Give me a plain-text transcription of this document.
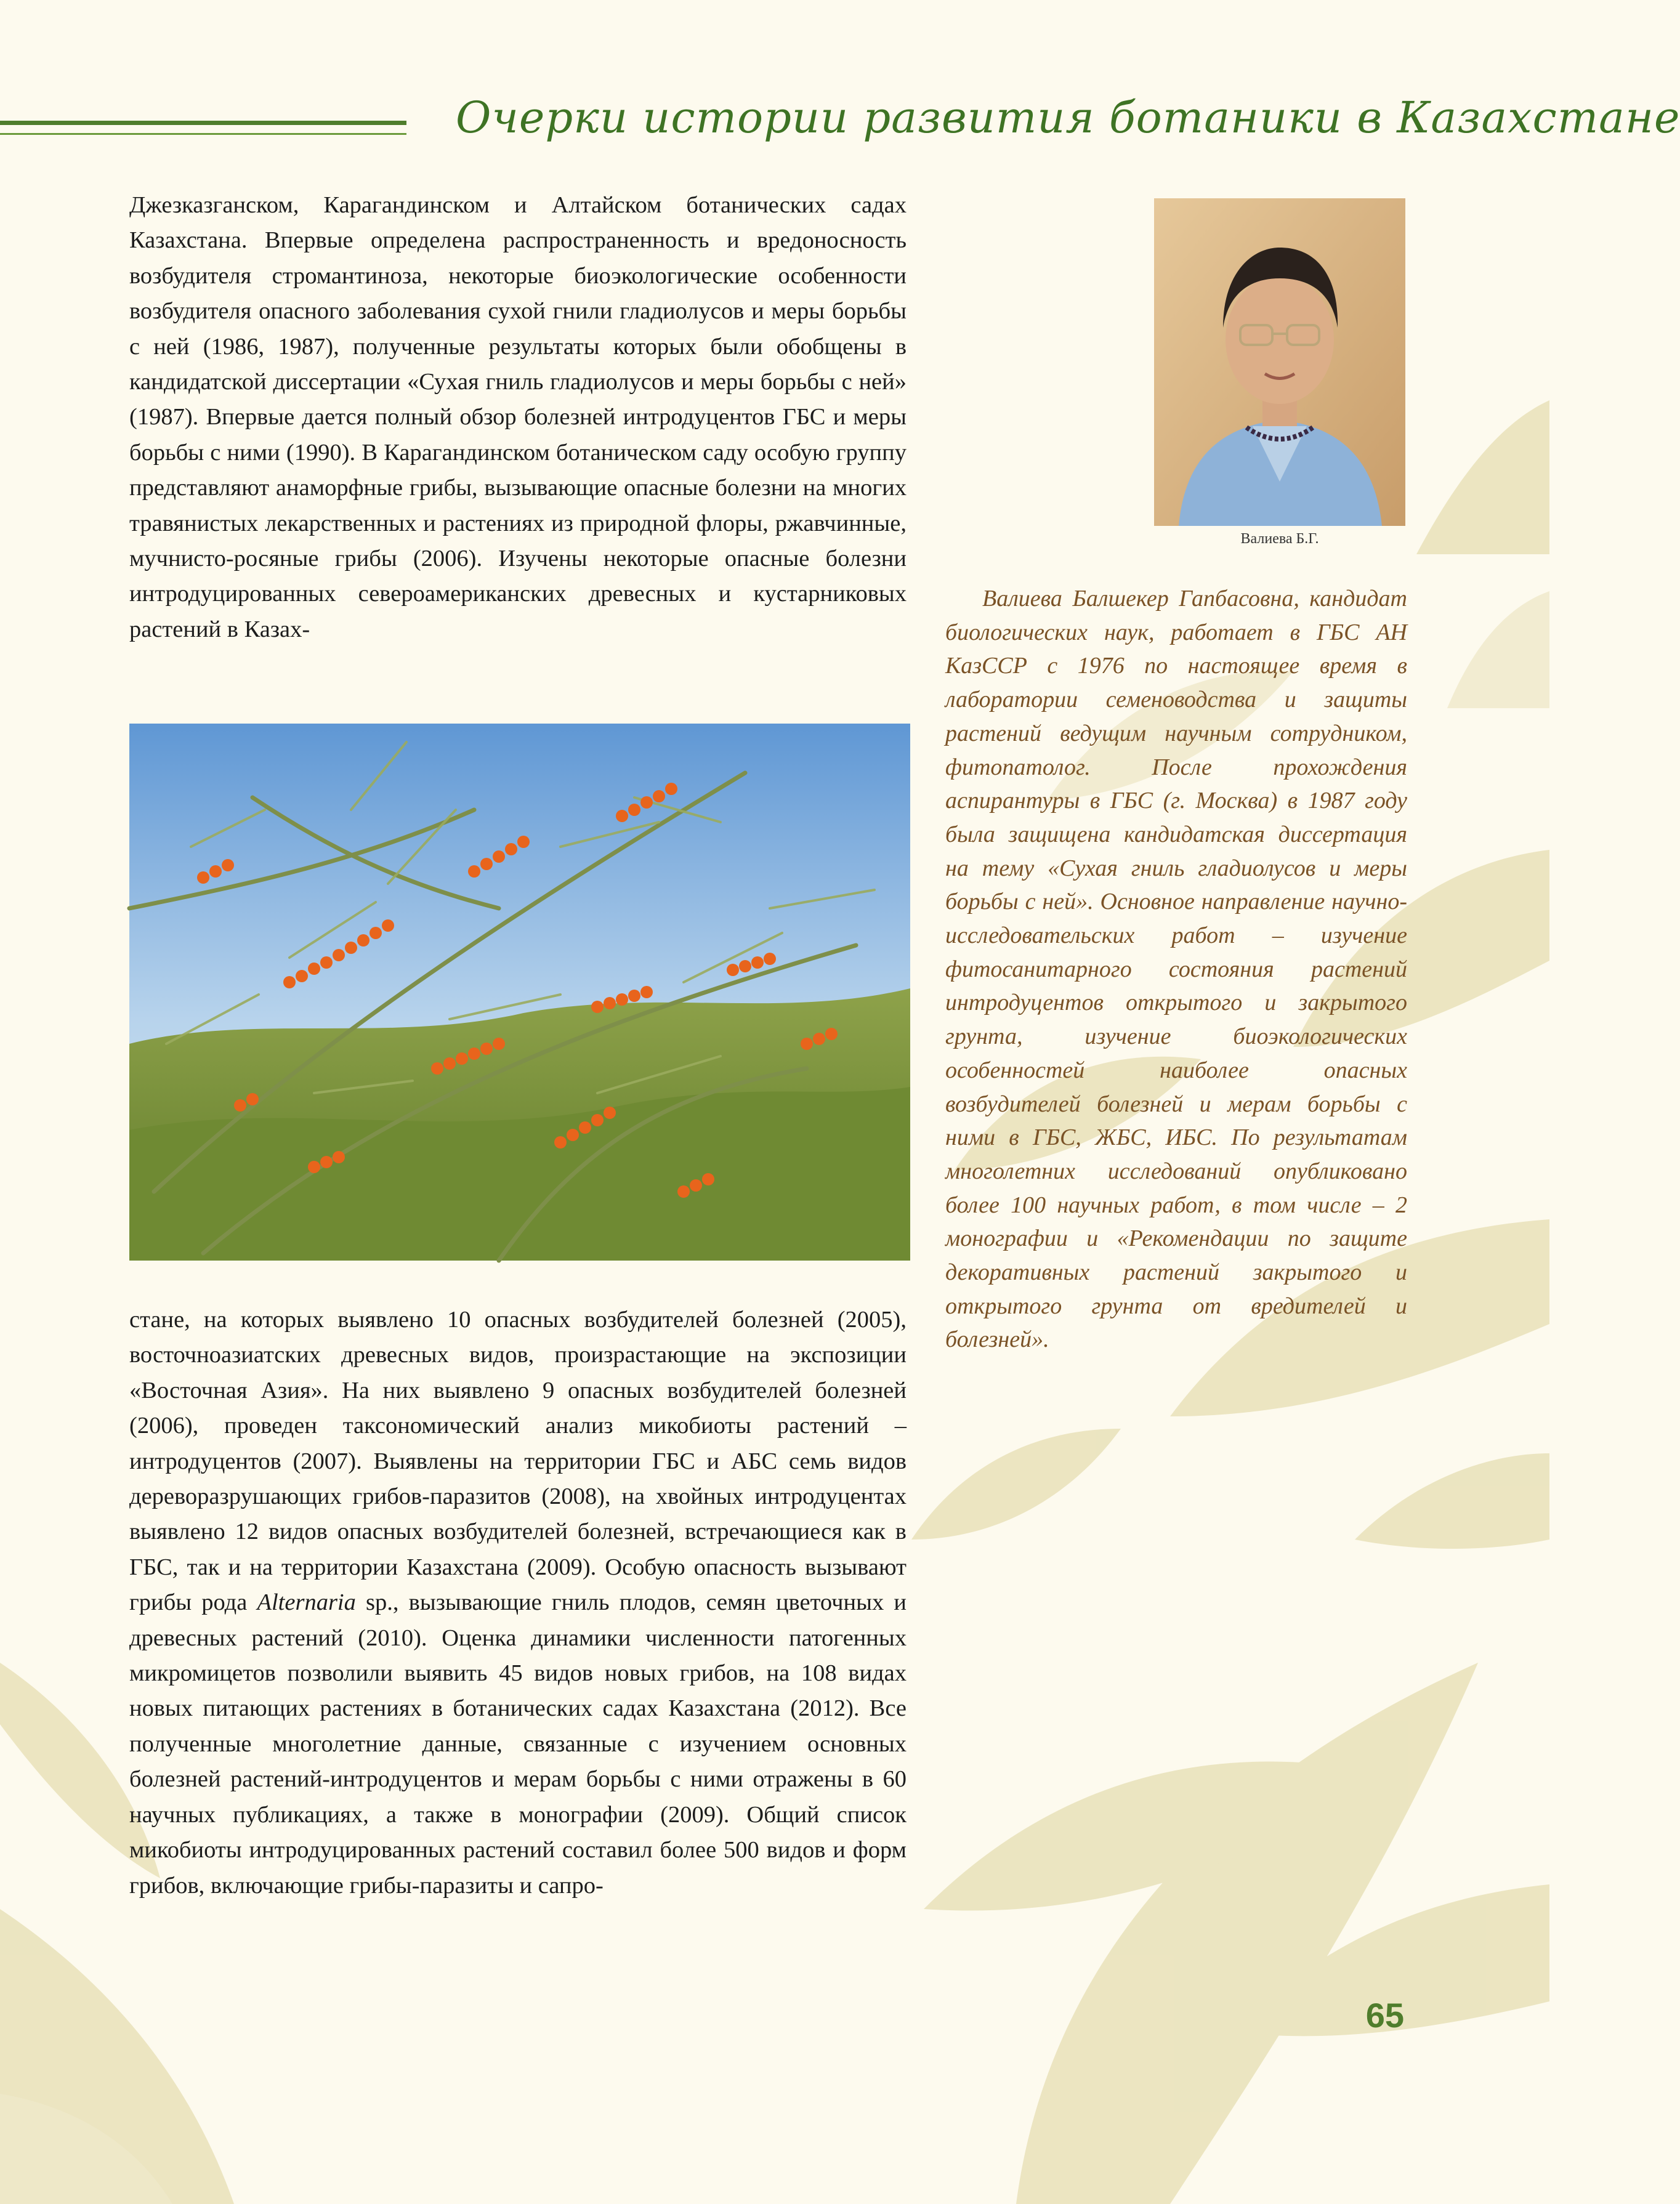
Очерки истории развития ботаники в Казахстане

Джезказганском, Карагандинском и Алтайском ботанических садах Казахстана. Впервые определена распространенность и вредоносность возбудителя стромантиноза, некоторые биоэкологические особенности возбудителя опасного заболевания сухой гнили гладиолусов и меры борьбы с ней (1986, 1987), полученные результаты которых были обобщены в кандидатской диссертации «Сухая гниль гладиолусов и меры борьбы с ней» (1987). Впервые дается полный обзор болезней интродуцентов ГБС и меры борьбы с ними (1990). В Карагандинском ботаническом саду особую группу представляют анаморфные грибы, вызывающие опасные болезни на многих травянистых лекарственных и растениях из природной флоры, ржавчинные, мучнисто-росяные грибы (2006). Изучены некоторые опасные болезни интродуцированных североамериканских древесных и кустарниковых растений в Казах-

стане, на которых выявлено 10 опасных возбудителей болезней (2005), восточноазиатских древесных видов, произрастающие на экспозиции «Восточная Азия». На них выявлено 9 опасных возбудителей болезней (2006), проведен таксономический анализ микобиоты растений – интродуцентов (2007). Выявлены на территории ГБС и АБС семь видов дереворазрушающих грибов-паразитов (2008), на хвойных интродуцентах выявлено 12 видов опасных возбудителей болезней, встречающиеся как в ГБС, так и на территории Казахстана (2009). Особую опасность вызывают грибы рода Alternaria sp., вызывающие гниль плодов, семян цветочных и древесных растений (2010). Оценка динамики численности патогенных микромицетов позволили выявить 45 видов новых грибов, на 108 видах новых питающих растениях в ботанических садах Казахстана (2012). Все полученные многолетние данные, связанные с изучением основных болезней растений-интродуцентов и мерам борьбы с ними отражены в 60 научных публикациях, а также в монографии (2009). Общий список микобиоты интродуцированных растений составил более 500 видов и форм грибов, включающие грибы-паразиты и сапро-

Валиева Б.Г.

Валиева Балшекер Гапбасовна, кандидат биологических наук, работает в ГБС АН КазССР с 1976 по настоящее время в лаборатории семеноводства и защиты растений ведущим научным сотрудником, фитопатолог. После прохождения аспирантуры в ГБС (г. Москва) в 1987 году была защищена кандидатская диссертация на тему «Сухая гниль гладиолусов и меры борьбы с ней». Основное направление научно-исследовательских работ – изучение фитосанитарного состояния растений интродуцентов открытого и закрытого грунта, изучение биоэкологических особенностей наиболее опасных возбудителей болезней и мерам борьбы с ними в ГБС, ЖБС, ИБС. По результатам многолетних исследований опубликовано более 100 научных работ, в том числе – 2 монографии и «Рекомендации по защите декоративных растений закрытого и открытого грунта от вредителей и болезней».

65
